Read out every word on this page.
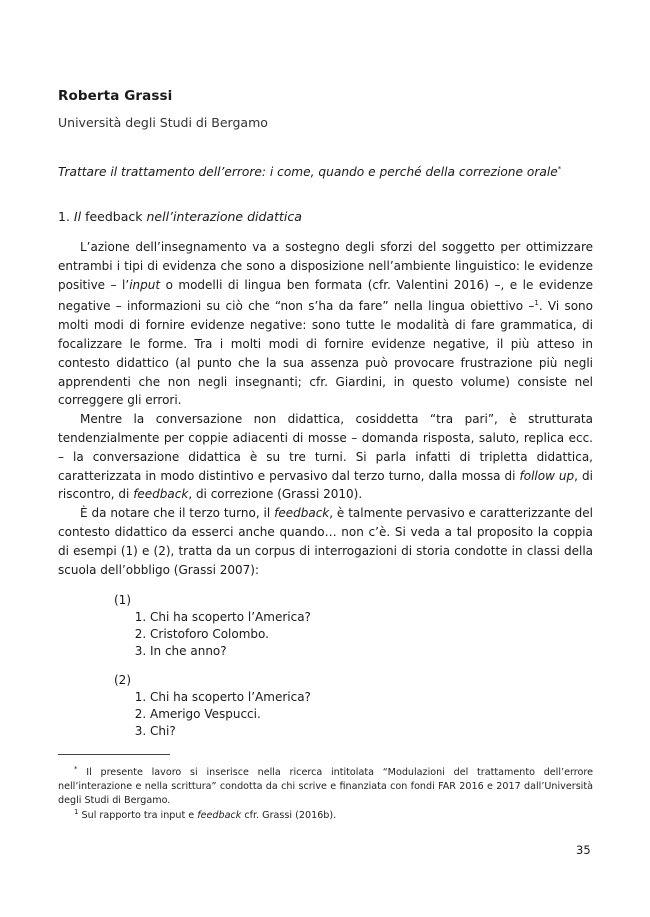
Roberta Grassi
Università degli Studi di Bergamo
Trattare il trattamento dell’errore: i come, quando e perché della correzione orale*
1. Il feedback nell’interazione didattica

L’azione dell’insegnamento va a sostegno degli sforzi del soggetto per ottimizzare entrambi i tipi di evidenza che sono a disposizione nell’ambiente linguistico: le evidenze positive – l’input o modelli di lingua ben formata (cfr. Valentini 2016) –, e le evidenze negative – informazioni su ciò che “non s’ha da fare” nella lingua obiettivo –$^1$. Vi sono molti modi di fornire evidenze negative: sono tutte le modalità di fare grammatica, di focalizzare le forme. Tra i molti modi di fornire evidenze negative, il più atteso in contesto didattico (al punto che la sua assenza può provocare frustrazione più negli apprendenti che non negli insegnanti; cfr. Giardini, in questo volume) consiste nel correggere gli errori.

Mentre la conversazione non didattica, cosiddetta “tra pari”, è strutturata tendenzialmente per coppie adiacenti di mosse – domanda risposta, saluto, replica ecc. – la conversazione didattica è su tre turni. Si parla infatti di tripletta didattica, caratterizzata in modo distintivo e pervasivo dal terzo turno, dalla mossa di follow up, di riscontro, di feedback, di correzione (Grassi 2010).

È da notare che il terzo turno, il feedback, è talmente pervasivo e caratterizzante del contesto didattico da esserci anche quando… non c’è. Si veda a tal proposito la coppia di esempi (1) e (2), tratta da un corpus di interrogazioni di storia condotte in classi della scuola dell’obbligo (Grassi 2007):

(1)
1. Chi ha scoperto l’America?
2. Cristoforo Colombo.
3. In che anno?
(2)
1. Chi ha scoperto l’America?
2. Amerigo Vespucci.
3. Chi?

* Il presente lavoro si inserisce nella ricerca intitolata “Modulazioni del trattamento dell’errore nell’interazione e nella scrittura” condotta da chi scrive e finanziata con fondi FAR 2016 e 2017 dall’Università degli Studi di Bergamo.

$^1$ Sul rapporto tra input e feedback cfr. Grassi (2016b).

35
